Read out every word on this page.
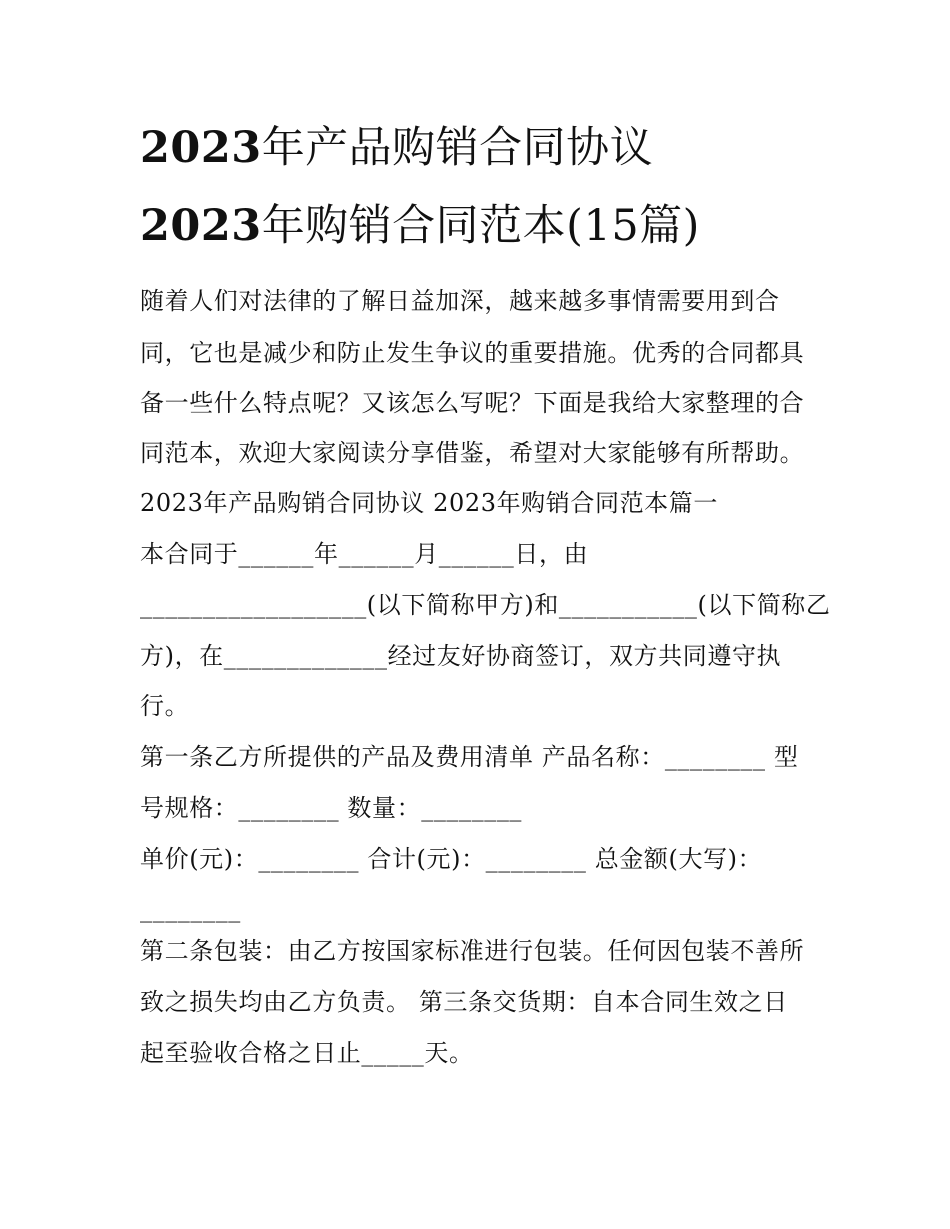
2023年产品购销合同协议
2023年购销合同范本(15篇)

随着人们对法律的了解日益加深，越来越多事情需要用到合

同，它也是减少和防止发生争议的重要措施。优秀的合同都具

备一些什么特点呢？又该怎么写呢？下面是我给大家整理的合

同范本，欢迎大家阅读分享借鉴，希望对大家能够有所帮助。

2023年产品购销合同协议 2023年购销合同范本篇一

本合同于______年______月______日，由

__________________(以下简称甲方)和___________(以下简称乙

方)，在_____________经过友好协商签订，双方共同遵守执

行。

第一条乙方所提供的产品及费用清单 产品名称：________ 型

号规格：________ 数量：________

单价(元)：________ 合计(元)：________ 总金额(大写)：

________

第二条包装：由乙方按国家标准进行包装。任何因包装不善所

致之损失均由乙方负责。 第三条交货期：自本合同生效之日

起至验收合格之日止_____天。
